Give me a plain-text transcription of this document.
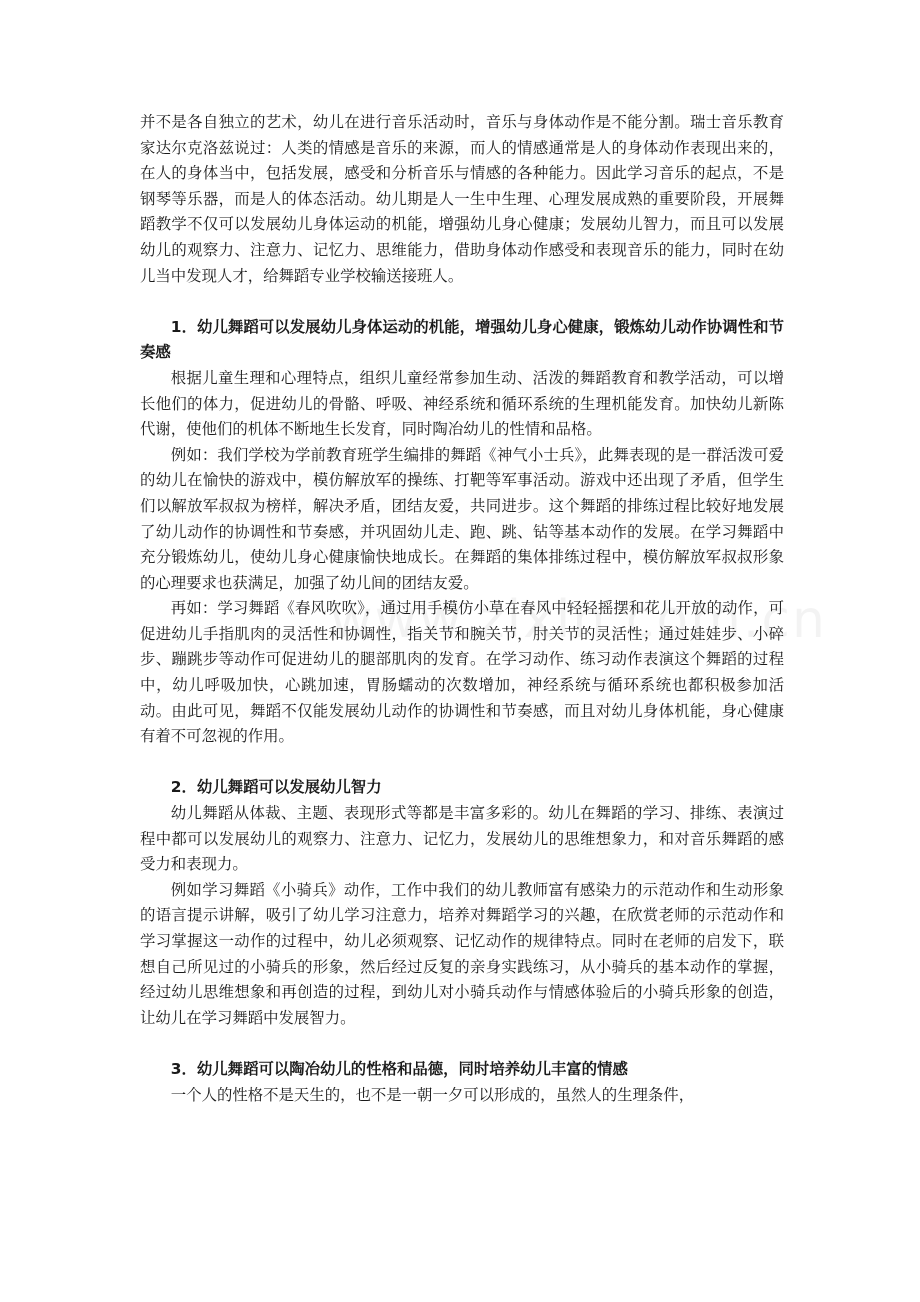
并不是各自独立的艺术，幼儿在进行音乐活动时，音乐与身体动作是不能分割。瑞士音乐教育家达尔克洛兹说过：人类的情感是音乐的来源，而人的情感通常是人的身体动作表现出来的，在人的身体当中，包括发展，感受和分析音乐与情感的各种能力。因此学习音乐的起点，不是钢琴等乐器，而是人的体态活动。幼儿期是人一生中生理、心理发展成熟的重要阶段，开展舞蹈教学不仅可以发展幼儿身体运动的机能，增强幼儿身心健康；发展幼儿智力，而且可以发展幼儿的观察力、注意力、记忆力、思维能力，借助身体动作感受和表现音乐的能力，同时在幼儿当中发现人才，给舞蹈专业学校输送接班人。

1．幼儿舞蹈可以发展幼儿身体运动的机能，增强幼儿身心健康，锻炼幼儿动作协调性和节奏感

根据儿童生理和心理特点，组织儿童经常参加生动、活泼的舞蹈教育和教学活动，可以增长他们的体力，促进幼儿的骨骼、呼吸、神经系统和循环系统的生理机能发育。加快幼儿新陈代谢，使他们的机体不断地生长发育，同时陶冶幼儿的性情和品格。

例如：我们学校为学前教育班学生编排的舞蹈《神气小士兵》，此舞表现的是一群活泼可爱的幼儿在愉快的游戏中，模仿解放军的操练、打靶等军事活动。游戏中还出现了矛盾，但学生们以解放军叔叔为榜样，解决矛盾，团结友爱，共同进步。这个舞蹈的排练过程比较好地发展了幼儿动作的协调性和节奏感，并巩固幼儿走、跑、跳、钻等基本动作的发展。在学习舞蹈中充分锻炼幼儿，使幼儿身心健康愉快地成长。在舞蹈的集体排练过程中，模仿解放军叔叔形象的心理要求也获满足，加强了幼儿间的团结友爱。

再如：学习舞蹈《春风吹吹》，通过用手模仿小草在春风中轻轻摇摆和花儿开放的动作，可促进幼儿手指肌肉的灵活性和协调性，指关节和腕关节，肘关节的灵活性；通过娃娃步、小碎步、蹦跳步等动作可促进幼儿的腿部肌肉的发育。在学习动作、练习动作表演这个舞蹈的过程中，幼儿呼吸加快，心跳加速，胃肠蠕动的次数增加，神经系统与循环系统也都积极参加活动。由此可见，舞蹈不仅能发展幼儿动作的协调性和节奏感，而且对幼儿身体机能，身心健康有着不可忽视的作用。

2．幼儿舞蹈可以发展幼儿智力

幼儿舞蹈从体裁、主题、表现形式等都是丰富多彩的。幼儿在舞蹈的学习、排练、表演过程中都可以发展幼儿的观察力、注意力、记忆力，发展幼儿的思维想象力，和对音乐舞蹈的感受力和表现力。

例如学习舞蹈《小骑兵》动作，工作中我们的幼儿教师富有感染力的示范动作和生动形象的语言提示讲解，吸引了幼儿学习注意力，培养对舞蹈学习的兴趣，在欣赏老师的示范动作和学习掌握这一动作的过程中，幼儿必须观察、记忆动作的规律特点。同时在老师的启发下，联想自己所见过的小骑兵的形象，然后经过反复的亲身实践练习，从小骑兵的基本动作的掌握，经过幼儿思维想象和再创造的过程，到幼儿对小骑兵动作与情感体验后的小骑兵形象的创造，让幼儿在学习舞蹈中发展智力。

3．幼儿舞蹈可以陶冶幼儿的性格和品德，同时培养幼儿丰富的情感

一个人的性格不是天生的，也不是一朝一夕可以形成的，虽然人的生理条件，
